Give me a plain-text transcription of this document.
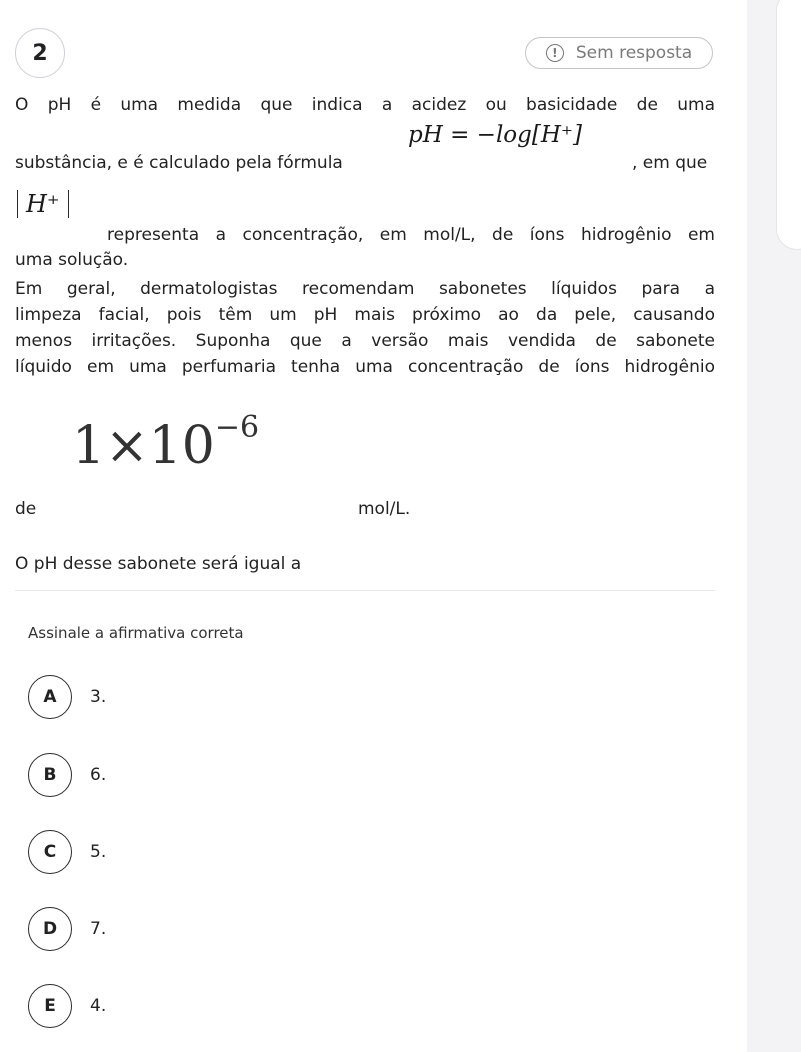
2	!	Sem resposta
O pH é uma medida que indica a acidez ou basicidade de uma
substância, e é calculado pela fórmula
pH = −log[H⁺]
, em que
H⁺
representa a concentração, em mol/L, de íons hidrogênio em
uma solução.
Em geral, dermatologistas recomendam sabonetes líquidos para a
limpeza facial, pois têm um pH mais próximo ao da pele, causando
menos irritações. Suponha que a versão mais vendida de sabonete
líquido em uma perfumaria tenha uma concentração de íons hidrogênio
$1\times 10^{-6}$
de	mol/L.
O pH desse sabonete será igual a
Assinale a afirmativa correta
A	3.
B	6.
C	5.
D	7.
E	4.
